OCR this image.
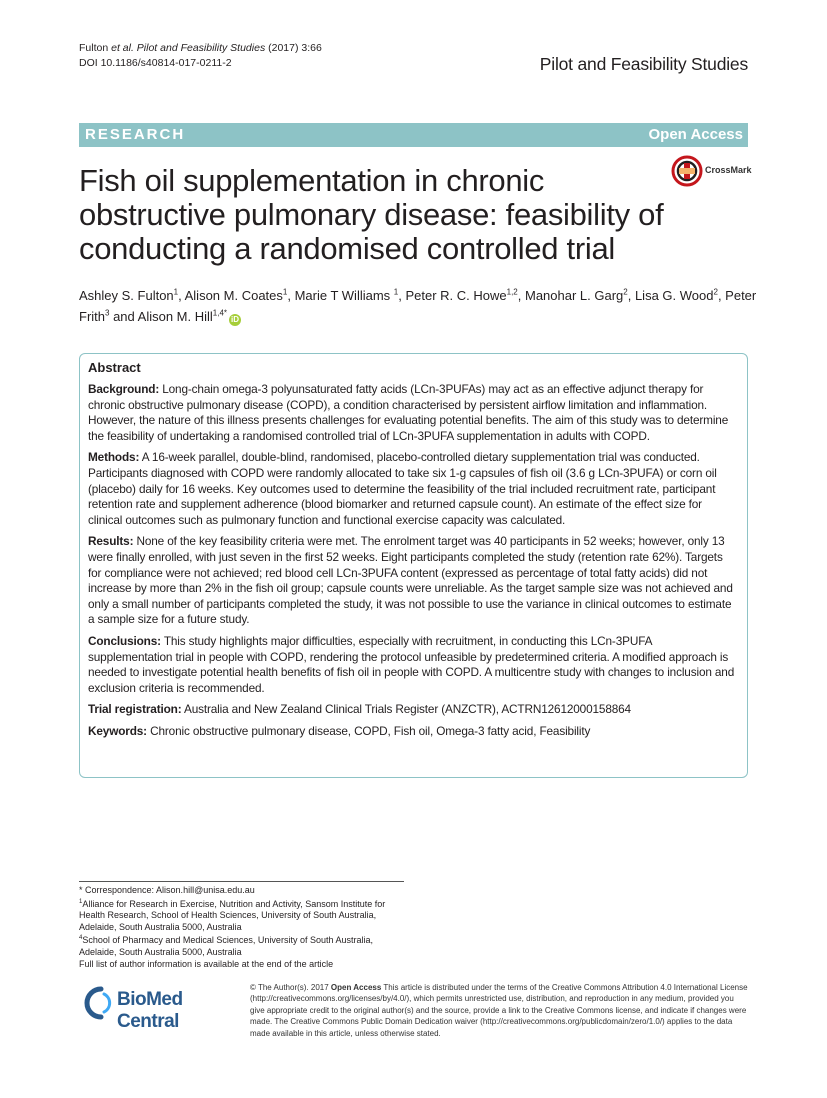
Fulton et al. Pilot and Feasibility Studies (2017) 3:66
DOI 10.1186/s40814-017-0211-2	Pilot and Feasibility Studies
RESEARCH	Open Access
Fish oil supplementation in chronic obstructive pulmonary disease: feasibility of conducting a randomised controlled trial
CrossMark

Ashley S. Fulton$^1$, Alison M. Coates$^1$, Marie T Williams $^1$, Peter R. C. Howe$^{1,2}$, Manohar L. Garg$^2$, Lisa G. Wood$^2$, Peter Frith$^3$ and Alison M. Hill$^{1,4*}$iD

Abstract

Background: Long-chain omega-3 polyunsaturated fatty acids (LCn-3PUFAs) may act as an effective adjunct therapy for chronic obstructive pulmonary disease (COPD), a condition characterised by persistent airflow limitation and inflammation. However, the nature of this illness presents challenges for evaluating potential benefits. The aim of this study was to determine the feasibility of undertaking a randomised controlled trial of LCn-3PUFA supplementation in adults with COPD.

Methods: A 16-week parallel, double-blind, randomised, placebo-controlled dietary supplementation trial was conducted. Participants diagnosed with COPD were randomly allocated to take six 1-g capsules of fish oil (3.6 g LCn-3PUFA) or corn oil (placebo) daily for 16 weeks. Key outcomes used to determine the feasibility of the trial included recruitment rate, participant retention rate and supplement adherence (blood biomarker and returned capsule count). An estimate of the effect size for clinical outcomes such as pulmonary function and functional exercise capacity was calculated.

Results: None of the key feasibility criteria were met. The enrolment target was 40 participants in 52 weeks; however, only 13 were finally enrolled, with just seven in the first 52 weeks. Eight participants completed the study (retention rate 62%). Targets for compliance were not achieved; red blood cell LCn-3PUFA content (expressed as percentage of total fatty acids) did not increase by more than 2% in the fish oil group; capsule counts were unreliable. As the target sample size was not achieved and only a small number of participants completed the study, it was not possible to use the variance in clinical outcomes to estimate a sample size for a future study.

Conclusions: This study highlights major difficulties, especially with recruitment, in conducting this LCn-3PUFA supplementation trial in people with COPD, rendering the protocol unfeasible by predetermined criteria. A modified approach is needed to investigate potential health benefits of fish oil in people with COPD. A multicentre study with changes to inclusion and exclusion criteria is recommended.

Trial registration: Australia and New Zealand Clinical Trials Register (ANZCTR), ACTRN12612000158864

Keywords: Chronic obstructive pulmonary disease, COPD, Fish oil, Omega-3 fatty acid, Feasibility

* Correspondence: Alison.hill@unisa.edu.au

$^1$Alliance for Research in Exercise, Nutrition and Activity, Sansom Institute for Health Research, School of Health Sciences, University of South Australia, Adelaide, South Australia 5000, Australia

$^4$School of Pharmacy and Medical Sciences, University of South Australia, Adelaide, South Australia 5000, Australia

Full list of author information is available at the end of the article

BioMed Central
© The Author(s). 2017 Open Access This article is distributed under the terms of the Creative Commons Attribution 4.0 International License (http://creativecommons.org/licenses/by/4.0/), which permits unrestricted use, distribution, and reproduction in any medium, provided you give appropriate credit to the original author(s) and the source, provide a link to the Creative Commons license, and indicate if changes were made. The Creative Commons Public Domain Dedication waiver (http://creativecommons.org/publicdomain/zero/1.0/) applies to the data made available in this article, unless otherwise stated.
